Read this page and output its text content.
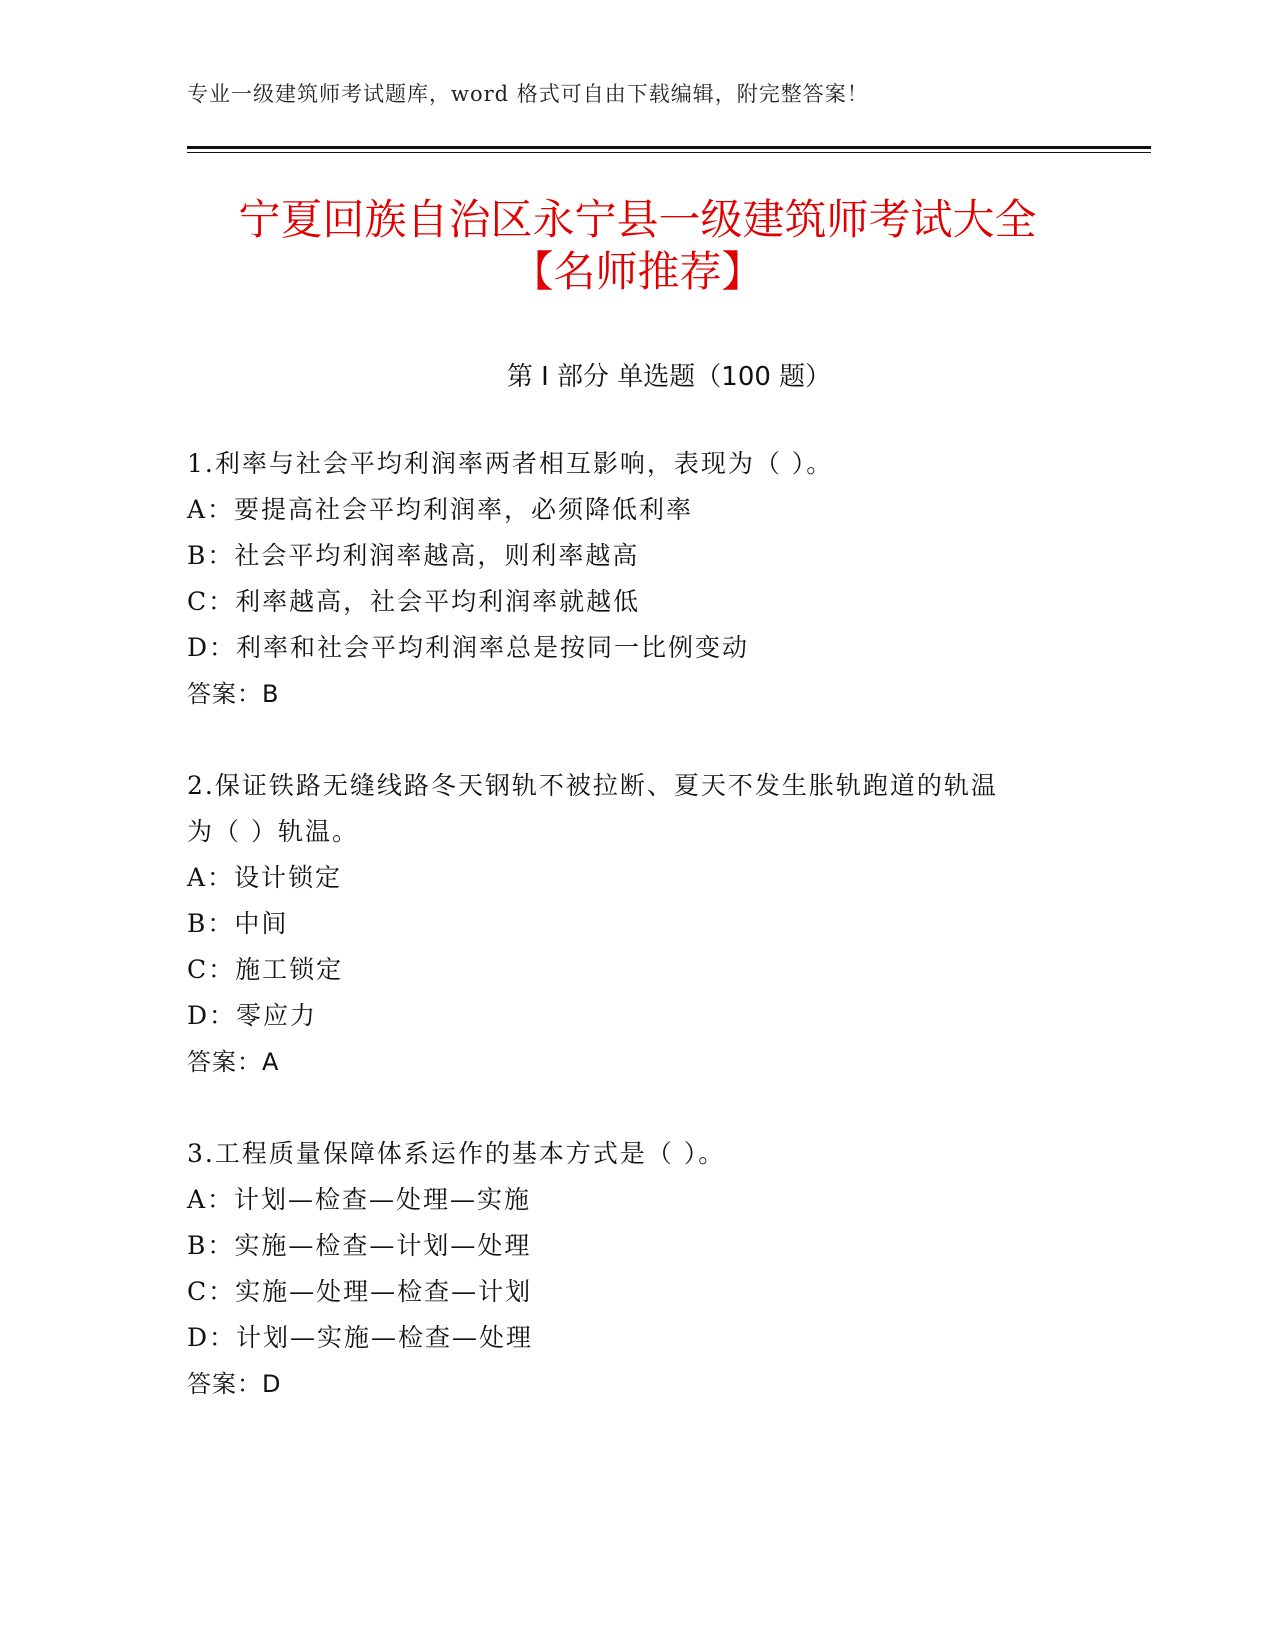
专业一级建筑师考试题库，word 格式可自由下载编辑，附完整答案！
宁夏回族自治区永宁县一级建筑师考试大全
【名师推荐】
第 I 部分 单选题（100 题）
1.利率与社会平均利润率两者相互影响，表现为（ ）。
A：要提高社会平均利润率，必须降低利率
B：社会平均利润率越高，则利率越高
C：利率越高，社会平均利润率就越低
D：利率和社会平均利润率总是按同一比例变动
答案：B
2.保证铁路无缝线路冬天钢轨不被拉断、夏天不发生胀轨跑道的轨温
为（ ）轨温。
A：设计锁定
B：中间
C：施工锁定
D：零应力
答案：A
3.工程质量保障体系运作的基本方式是（ ）。
A：计划—检查—处理—实施
B：实施—检查—计划—处理
C：实施—处理—检查—计划
D：计划—实施—检查—处理
答案：D
